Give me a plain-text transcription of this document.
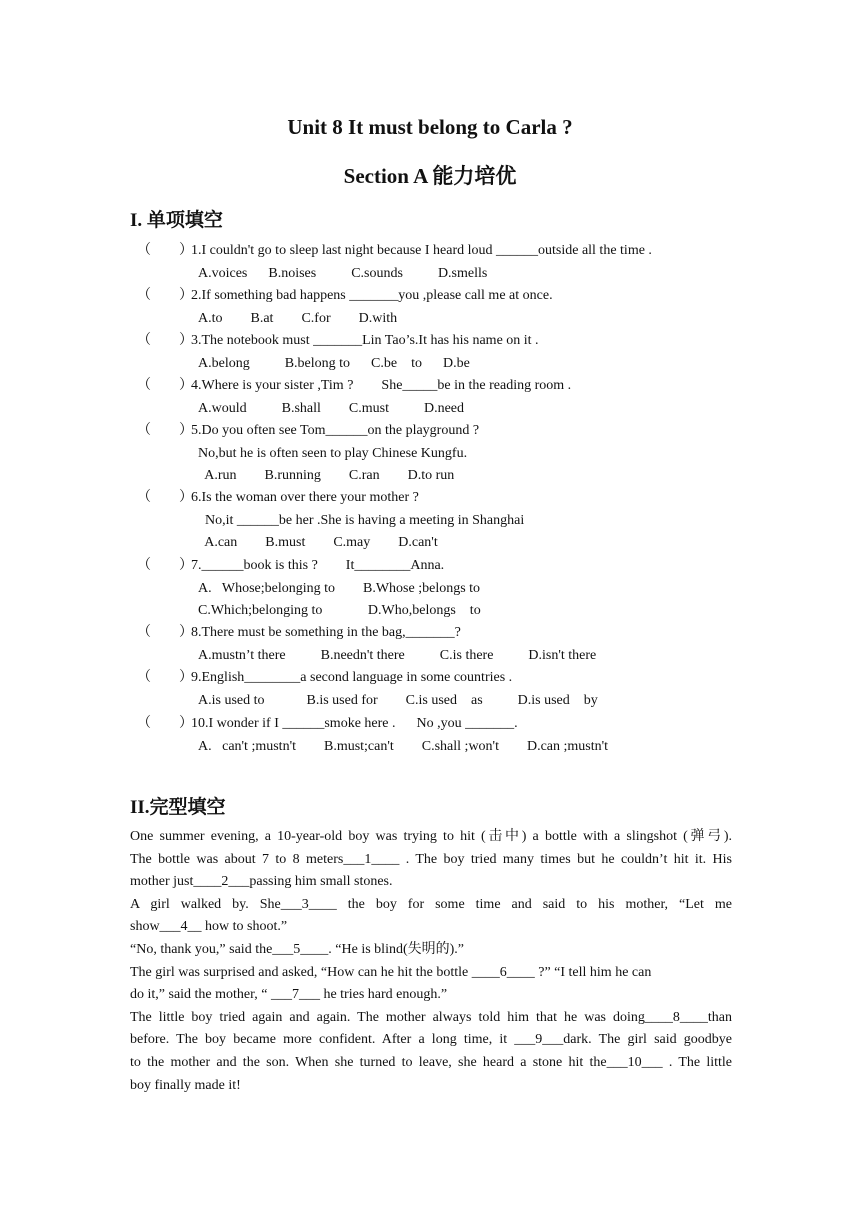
Unit 8 It must belong to Carla ?
Section A 能力培优
I. 单项填空
（        ）1.I couldn't go to sleep last night because I heard loud ______outside all the time .
A.voices      B.noises          C.sounds          D.smells
（        ）2.If something bad happens _______you ,please call me at once.
A.to        B.at        C.for        D.with
（        ）3.The notebook must _______Lin Tao’s.It has his name on it .
A.belong          B.belong to      C.be    to      D.be
（        ）4.Where is your sister ,Tim ?        She_____be in the reading room .
A.would          B.shall        C.must          D.need
（        ）5.Do you often see Tom______on the playground ?
No,but he is often seen to play Chinese Kungfu.
A.run        B.running        C.ran        D.to run
（        ）6.Is the woman over there your mother ?
No,it ______be her .She is having a meeting in Shanghai
A.can        B.must        C.may        D.can't
（        ）7.______book is this ?        It________Anna.
A.   Whose;belonging to        B.Whose ;belongs to
C.Which;belonging to             D.Who,belongs    to
（        ）8.There must be something in the bag,_______?
A.mustn’t there          B.needn't there          C.is there          D.isn't there
（        ）9.English________a second language in some countries .
A.is used to            B.is used for        C.is used    as          D.is used    by
（        ）10.I wonder if I ______smoke here .      No ,you _______.
A.   can't ;mustn't        B.must;can't        C.shall ;won't        D.can ;mustn't
II.完型填空
One summer evening, a 10-year-old boy was trying to hit (击中) a bottle with a slingshot (弹弓).
The bottle was about 7 to 8 meters___1____ . The boy tried many times but he couldn’t hit it. His
mother just____2___passing him small stones.
A girl walked by. She___3____ the boy for some time and said to his mother, “Let me
show___4__ how to shoot.”
“No, thank you,” said the___5____. “He is blind(失明的).”
The girl was surprised and asked, “How can he hit the bottle ____6____ ?” “I tell him he can
do it,” said the mother, “ ___7___ he tries hard enough.”
The little boy tried again and again. The mother always told him that he was doing____8____than
before. The boy became more confident. After a long time, it ___9___dark. The girl said goodbye
to the mother and the son. When she turned to leave, she heard a stone hit the___10___ . The little
boy finally made it!
